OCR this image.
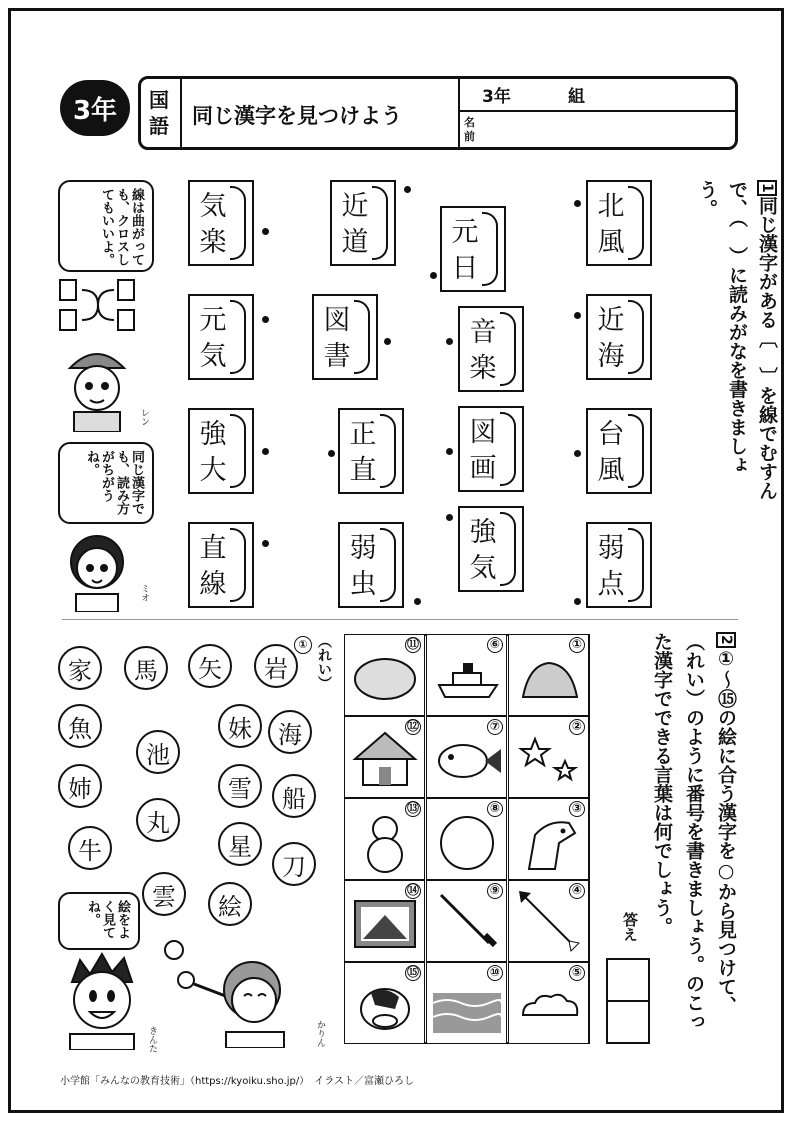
3年	国
語 同じ漢字を見つけよう
3年	組
名前
1同じ漢字がある〔　〕を線でむすんで、（　）に読みがなを書きましょう。
気
楽
近
道	元
日
北
風
元
気
図
書
音
楽
近
海
強
大
正
直
図
画
台
風
直
線
弱
虫
強
気
弱
点
線は曲がっても、クロスしてもいいよ。
レン
同じ漢字でも、読み方がちがうね。
ミオ
2①～⑮の絵に合う漢字を○から見つけて、（れい）のように番号を書きましょう。のこった漢字でできる言葉は何でしょう。
（れい）
①
家	馬	矢	岩
魚	妹	海
池
姉	雪	船
丸
牛	星
刀
雲	絵
⑪	⑥	①
⑫	⑦	②
⑬	⑧	③
⑭	⑨	④
⑮	⑩	⑤
答え
絵をよく見てね。
きんた	かりん
小学館「みんなの教育技術」（https://kyoiku.sho.jp/）　イラスト／富瀬ひろし
